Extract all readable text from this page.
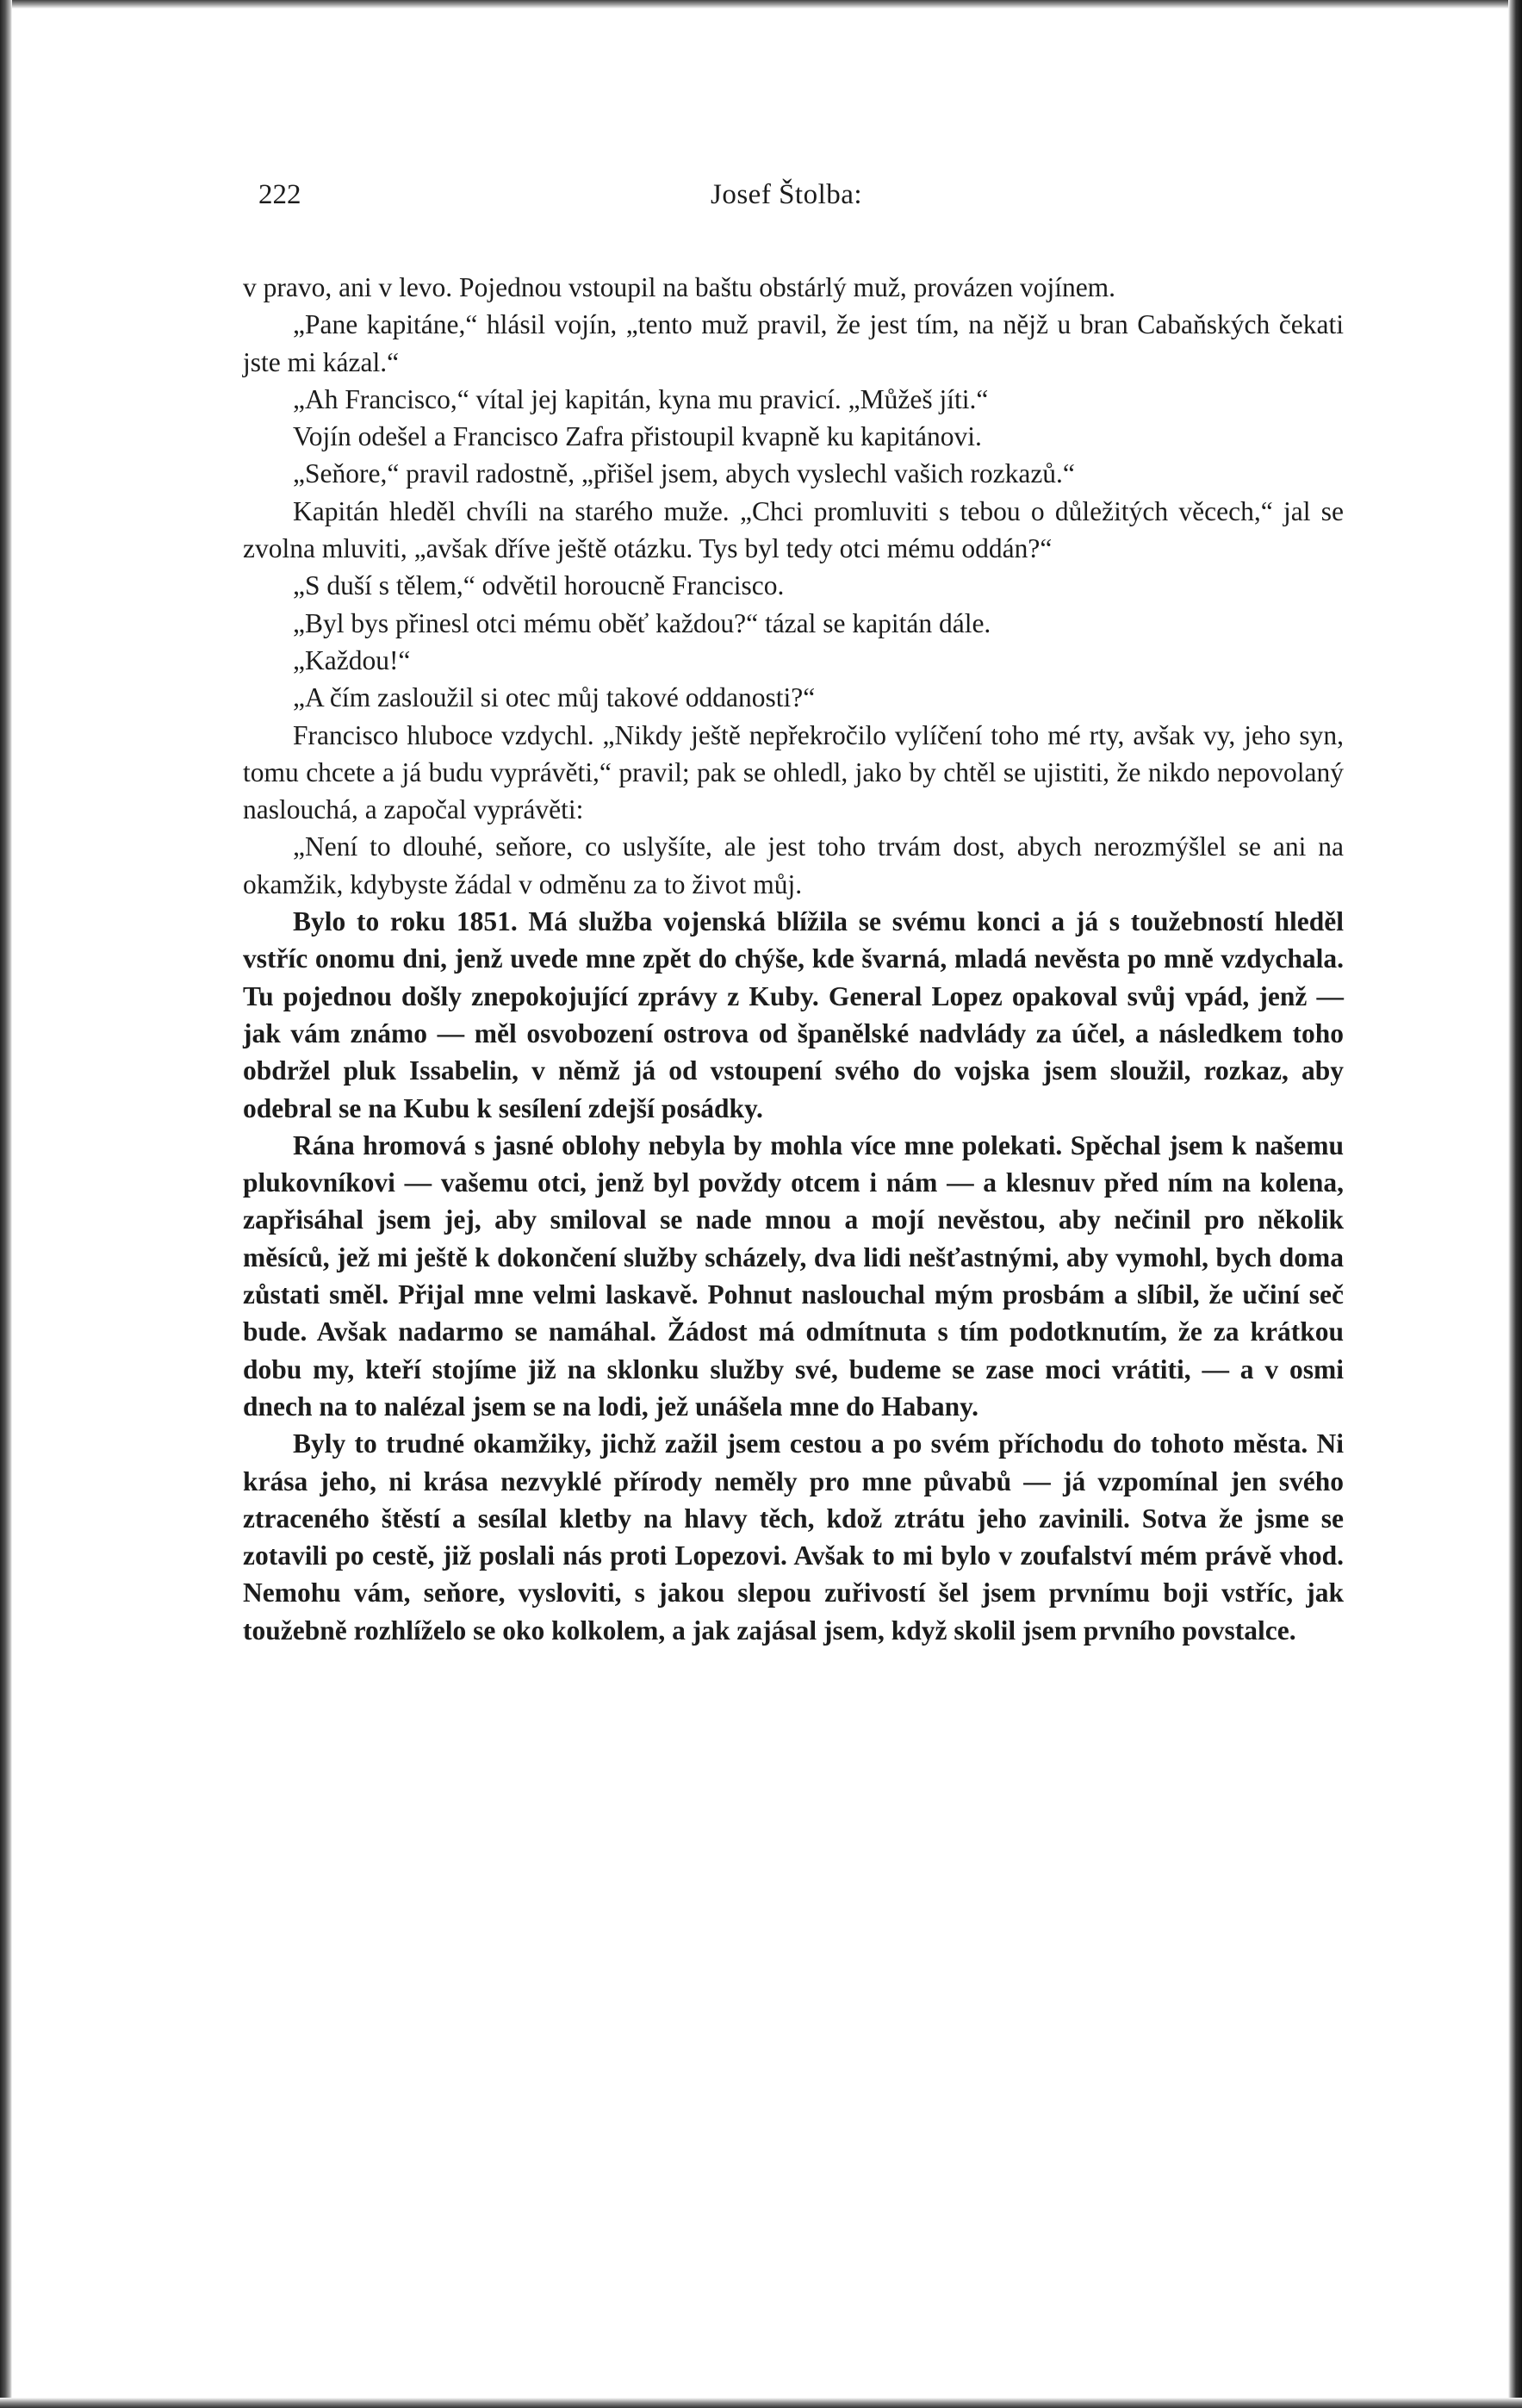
222	Josef Štolba:

v pravo, ani v levo. Pojednou vstoupil na baštu obstárlý muž, provázen vojínem.

„Pane kapitáne,“ hlásil vojín, „tento muž pravil, že jest tím, na nějž u bran Cabaňských čekati jste mi kázal.“

„Ah Francisco,“ vítal jej kapitán, kyna mu pravicí. „Můžeš jíti.“

Vojín odešel a Francisco Zafra přistoupil kvapně ku kapitánovi.

„Seňore,“ pravil radostně, „přišel jsem, abych vyslechl vašich rozkazů.“

Kapitán hleděl chvíli na starého muže. „Chci promluviti s tebou o důležitých věcech,“ jal se zvolna mluviti, „avšak dříve ještě otázku. Tys byl tedy otci mému oddán?“

„S duší s tělem,“ odvětil horoucně Francisco.

„Byl bys přinesl otci mému oběť každou?“ tázal se kapitán dále.

„Každou!“

„A čím zasloužil si otec můj takové oddanosti?“

Francisco hluboce vzdychl. „Nikdy ještě nepřekročilo vylíčení toho mé rty, avšak vy, jeho syn, tomu chcete a já budu vyprávěti,“ pravil; pak se ohledl, jako by chtěl se ujistiti, že nikdo nepovolaný naslouchá, a započal vyprávěti:

„Není to dlouhé, seňore, co uslyšíte, ale jest toho trvám dost, abych nerozmýšlel se ani na okamžik, kdybyste žádal v odměnu za to život můj.

Bylo to roku 1851. Má služba vojenská blížila se svému konci a já s toužebností hleděl vstříc onomu dni, jenž uvede mne zpět do chýše, kde švarná, mladá nevěsta po mně vzdychala. Tu pojednou došly znepokojující zprávy z Kuby. General Lopez opakoval svůj vpád, jenž — jak vám známo — měl osvobození ostrova od španělské nadvlády za účel, a následkem toho obdržel pluk Issabelin, v němž já od vstoupení svého do vojska jsem sloužil, rozkaz, aby odebral se na Kubu k sesílení zdejší posádky.

Rána hromová s jasné oblohy nebyla by mohla více mne polekati. Spěchal jsem k našemu plukovníkovi — vašemu otci, jenž byl povždy otcem i nám — a klesnuv před ním na kolena, zapřisáhal jsem jej, aby smiloval se nade mnou a mojí nevěstou, aby nečinil pro několik měsíců, jež mi ještě k dokončení služby scházely, dva lidi nešťastnými, aby vymohl, bych doma zůstati směl. Přijal mne velmi laskavě. Pohnut naslouchal mým prosbám a slíbil, že učiní seč bude. Avšak nadarmo se namáhal. Žádost má odmítnuta s tím podotknutím, že za krátkou dobu my, kteří stojíme již na sklonku služby své, budeme se zase moci vrátiti, — a v osmi dnech na to nalézal jsem se na lodi, jež unášela mne do Habany.

Byly to trudné okamžiky, jichž zažil jsem cestou a po svém příchodu do tohoto města. Ni krása jeho, ni krása nezvyklé přírody neměly pro mne půvabů — já vzpomínal jen svého ztraceného štěstí a sesílal kletby na hlavy těch, kdož ztrátu jeho zavinili. Sotva že jsme se zotavili po cestě, již poslali nás proti Lopezovi. Avšak to mi bylo v zoufalství mém právě vhod. Nemohu vám, seňore, vysloviti, s jakou slepou zuřivostí šel jsem prvnímu boji vstříc, jak toužebně rozhlíželo se oko kolkolem, a jak zajásal jsem, když skolil jsem prvního povstalce.
